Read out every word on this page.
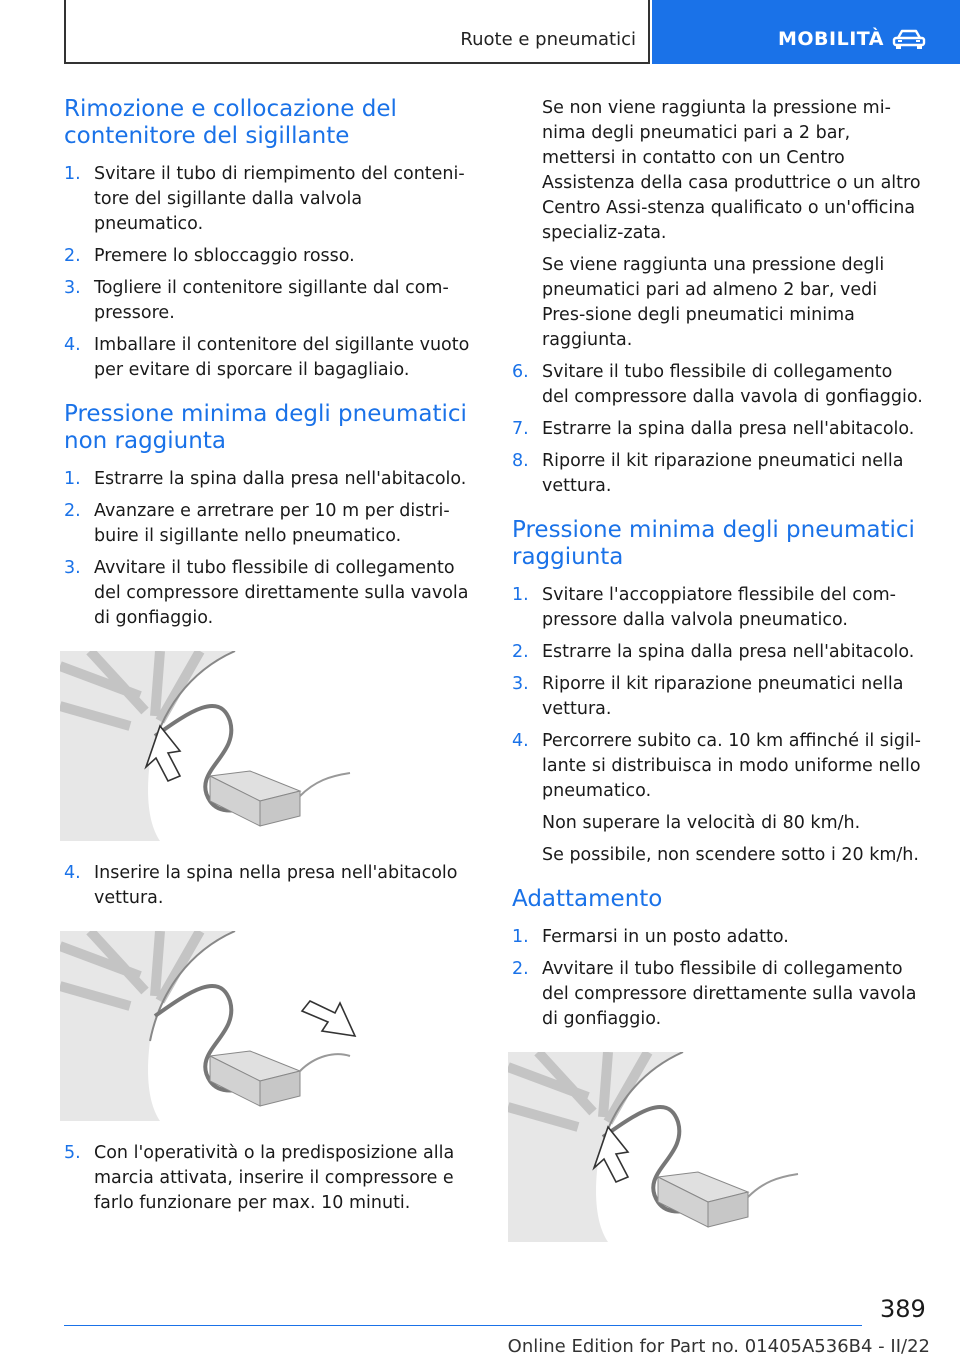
Ruote e pneumatici	MOBILITÀ
Rimozione e collocazione del contenitore del sigillante
1. Svitare il tubo di riempimento del conteni-tore del sigillante dalla valvola pneumatico.
2. Premere lo sbloccaggio rosso.
3. Togliere il contenitore sigillante dal com-pressore.
4. Imballare il contenitore del sigillante vuoto per evitare di sporcare il bagagliaio.
Pressione minima degli pneumatici non raggiunta
1. Estrarre la spina dalla presa nell'abitacolo.
2. Avanzare e arretrare per 10 m per distri-buire il sigillante nello pneumatico.
3. Avvitare il tubo flessibile di collegamento del compressore direttamente sulla vavola di gonfiaggio.
4. Inserire la spina nella presa nell'abitacolo vettura.
5. Con l'operatività o la predisposizione alla marcia attivata, inserire il compressore e farlo funzionare per max. 10 minuti.
Se non viene raggiunta la pressione mi-nima degli pneumatici pari a 2 bar, mettersi in contatto con un Centro Assistenza della casa produttrice o un altro Centro Assi-stenza qualificato o un'officina specializ-zata.
Se viene raggiunta una pressione degli pneumatici pari ad almeno 2 bar, vedi Pres-sione degli pneumatici minima raggiunta.
6. Svitare il tubo flessibile di collegamento del compressore dalla vavola di gonfiaggio.
7. Estrarre la spina dalla presa nell'abitacolo.
8. Riporre il kit riparazione pneumatici nella vettura.
Pressione minima degli pneumatici raggiunta
1. Svitare l'accoppiatore flessibile del com-pressore dalla valvola pneumatico.
2. Estrarre la spina dalla presa nell'abitacolo.
3. Riporre il kit riparazione pneumatici nella vettura.
4. Percorrere subito ca. 10 km affinché il sigil-lante si distribuisca in modo uniforme nello pneumatico.
Non superare la velocità di 80 km/h.
Se possibile, non scendere sotto i 20 km/h.
Adattamento
1. Fermarsi in un posto adatto.
2. Avvitare il tubo flessibile di collegamento del compressore direttamente sulla vavola di gonfiaggio.
389
Online Edition for Part no. 01405A536B4 - II/22
